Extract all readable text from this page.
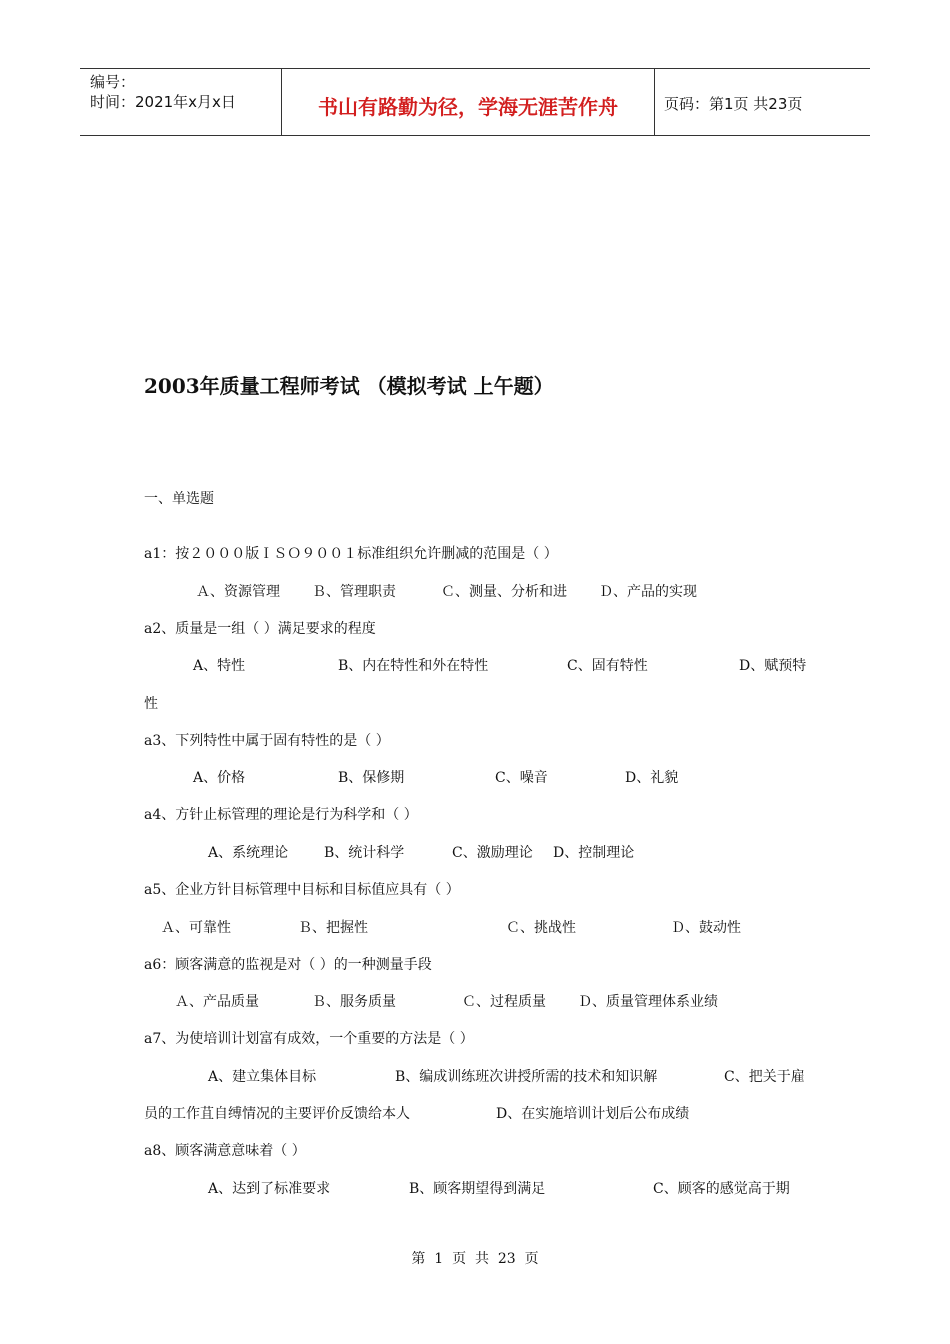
编号：
时间：2021年x月x日	书山有路勤为径，学海无涯苦作舟	页码：第1页 共23页
2003年质量工程师考试 （模拟考试 上午题）
一、单选题
a1：按２０００版ＩＳＯ９００１标准组织允许删减的范围是（ ）
Ａ、资源管理 Ｂ、管理职责	Ｃ、测量、分析和进 Ｄ、产品的实现
a2、质量是一组（ ）满足要求的程度
A、特性	B、内在特性和外在特性	C、固有特性	D、赋预特
性
a3、下列特性中属于固有特性的是（ ）
A、价格	B、保修期	C、噪音	D、礼貌
a4、方针止标管理的理论是行为科学和（ ）
A、系统理论	B、统计科学	C、激励理论 D、控制理论
a5、企业方针目标管理中目标和目标值应具有（ ）
Ａ、可靠性	Ｂ、把握性	Ｃ、挑战性	Ｄ、鼓动性
a6：顾客满意的监视是对（ ）的一种测量手段
Ａ、产品质量	Ｂ、服务质量	Ｃ、过程质量 Ｄ、质量管理体系业绩
a7、为使培训计划富有成效，一个重要的方法是（ ）
A、建立集体目标	B、编成训练班次讲授所需的技术和知识解	C、把关于雇
员的工作苴自缚情况的主要评价反馈给本人	D、在实施培训计划后公布成绩
a8、顾客满意意味着（ ）
A、达到了标准要求	B、顾客期望得到满足	C、顾客的感觉高于期
第  1  页  共  23  页
